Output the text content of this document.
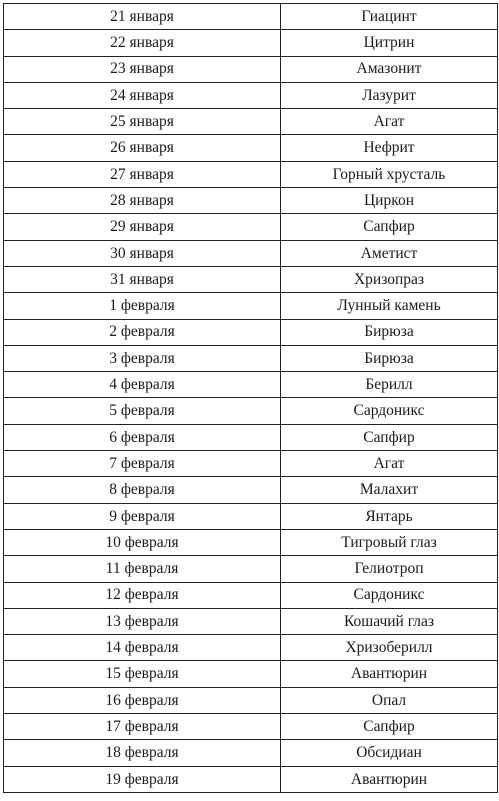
21 января	Гиацинт
22 января	Цитрин
23 января	Амазонит
24 января	Лазурит
25 января	Агат
26 января	Нефрит
27 января	Горный хрусталь
28 января	Циркон
29 января	Сапфир
30 января	Аметист
31 января	Хризопраз
1 февраля	Лунный камень
2 февраля	Бирюза
3 февраля	Бирюза
4 февраля	Берилл
5 февраля	Сардоникс
6 февраля	Сапфир
7 февраля	Агат
8 февраля	Малахит
9 февраля	Янтарь
10 февраля	Тигровый глаз
11 февраля	Гелиотроп
12 февраля	Сардоникс
13 февраля	Кошачий глаз
14 февраля	Хризоберилл
15 февраля	Авантюрин
16 февраля	Опал
17 февраля	Сапфир
18 февраля	Обсидиан
19 февраля	Авантюрин
